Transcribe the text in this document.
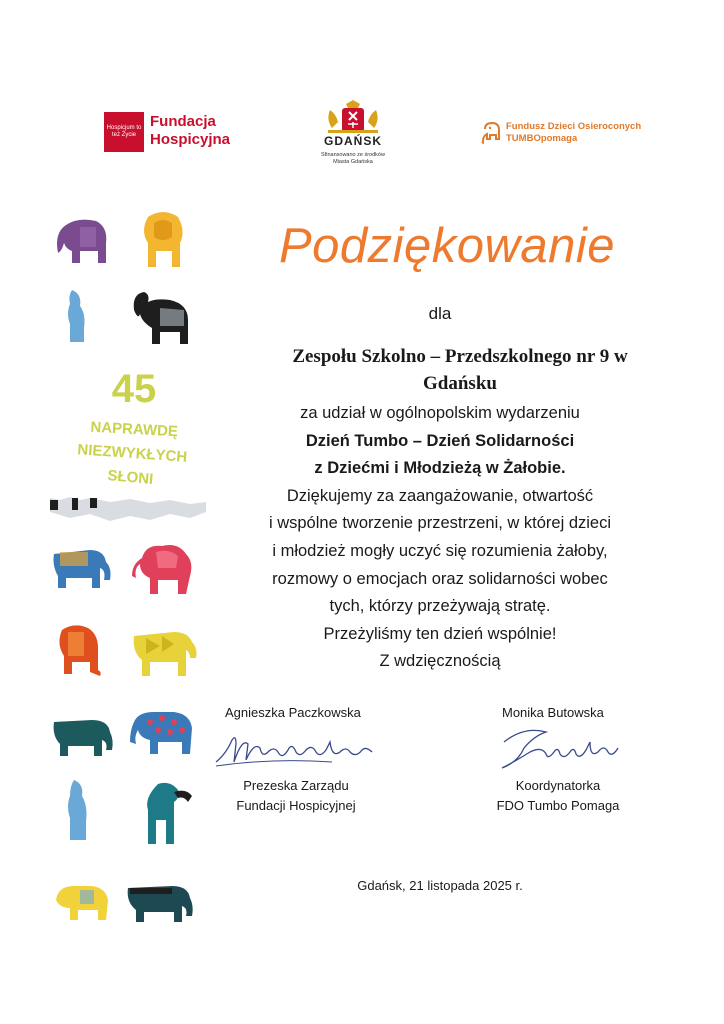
Hospicjum to też Życie
Fundacja
Hospicyjna	GDAŃSK
Sfinansowano ze środków
Miasta Gdańska
Fundusz Dzieci Osieroconych
TUMBOpomaga
45
NAPRAWDĘ
NIEZWYKŁYCH
SŁONI
Podziękowanie
dla
Zespołu Szkolno – Przedszkolnego nr 9 w
Gdańsku
za udział w ogólnopolskim wydarzeniu
Dzień Tumbo – Dzień Solidarności
z Dziećmi i Młodzieżą w Żałobie.
Dziękujemy za zaangażowanie, otwartość
i wspólne tworzenie przestrzeni, w której dzieci
i młodzież mogły uczyć się rozumienia żałoby,
rozmowy o emocjach oraz solidarności wobec
tych, którzy przeżywają stratę.
Przeżyliśmy ten dzień wspólnie!
Z wdzięcznością
Agnieszka Paczkowska
Prezeska Zarządu
Fundacji Hospicyjnej
Monika Butowska
Koordynatorka
FDO Tumbo Pomaga
Gdańsk, 21 listopada 2025 r.
